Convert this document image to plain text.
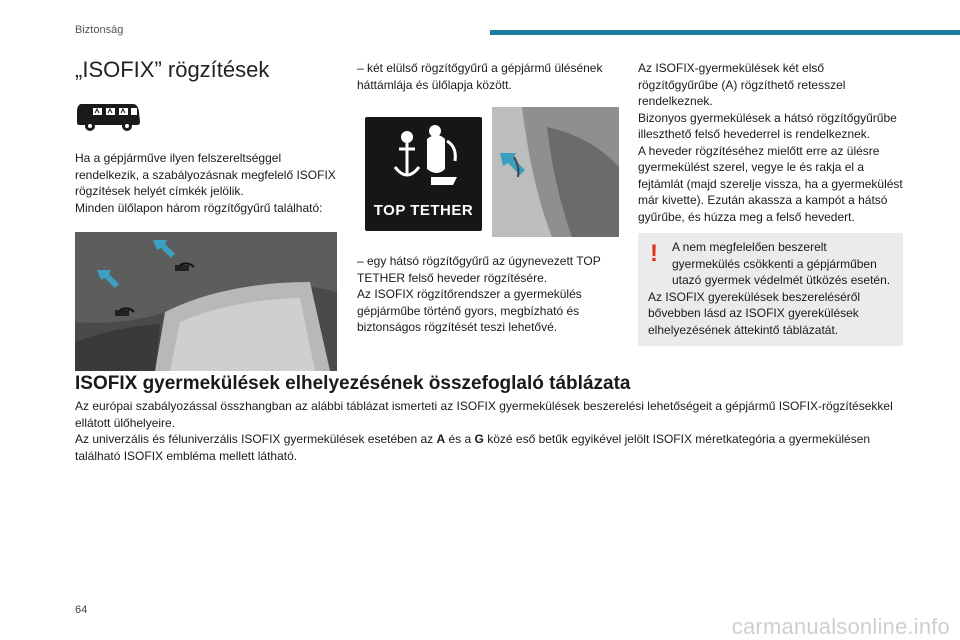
Biztonság
„ISOFIX” rögzítések

Ha a gépjárműve ilyen felszereltséggel rendelkezik, a szabályozásnak megfelelő ISOFIX rögzítések helyét címkék jelölik.

Minden ülőlapon három rögzítőgyűrű található:

– két elülső rögzítőgyűrű a gépjármű ülésének háttámlája és ülőlapja között.

TOP TETHER

– egy hátsó rögzítőgyűrű az úgynevezett TOP TETHER felső heveder rögzítésére.

Az ISOFIX rögzítőrendszer a gyermekülés gépjárműbe történő gyors, megbízható és biztonságos rögzítését teszi lehetővé.

Az ISOFIX-gyermekülések két első rögzítőgyűrűbe (A) rögzíthető retesszel rendelkeznek.

Bizonyos gyermekülések a hátsó rögzítőgyűrűbe illeszthető felső hevederrel is rendelkeznek.

A heveder rögzítéséhez mielőtt erre az ülésre gyermekülést szerel, vegye le és rakja el a fejtámlát (majd szerelje vissza, ha a gyermekülést már kivette). Ezután akassza a kampót a hátsó gyűrűbe, és húzza meg a felső hevedert.

!	A nem megfelelően beszerelt gyermekülés csökkenti a gépjárműben utazó gyermek védelmét ütközés esetén.

Az ISOFIX gyerekülések beszereléséről bővebben lásd az ISOFIX gyerekülések elhelyezésének áttekintő táblázatát.

ISOFIX gyermekülések elhelyezésének összefoglaló táblázata

Az európai szabályozással összhangban az alábbi táblázat ismerteti az ISOFIX gyermekülések beszerelési lehetőségeit a gépjármű ISOFIX-rögzítésekkel ellátott ülőhelyeire.

Az univerzális és féluniverzális ISOFIX gyermekülések esetében az A és a G közé eső betűk egyikével jelölt ISOFIX méretkategória a gyermekülésen található ISOFIX embléma mellett látható.

64
carmanualsonline.info
